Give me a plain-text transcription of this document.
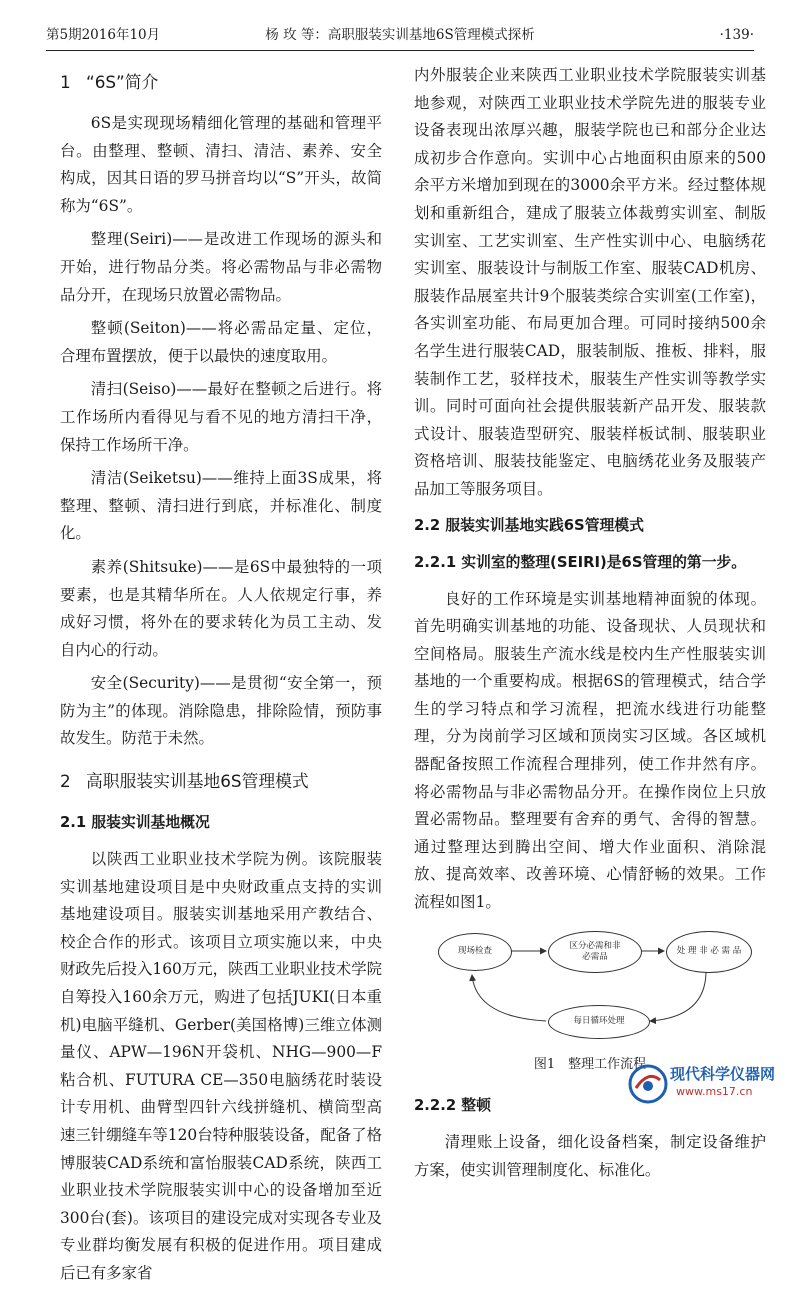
第5期2016年10月	杨 玫 等：高职服装实训基地6S管理模式探析	·139·
1 “6S”简介

6S是实现现场精细化管理的基础和管理平台。由整理、整顿、清扫、清洁、素养、安全构成，因其日语的罗马拼音均以“S”开头，故简称为“6S”。

整理(Seiri)——是改进工作现场的源头和开始，进行物品分类。将必需物品与非必需物品分开，在现场只放置必需物品。

整顿(Seiton)——将必需品定量、定位，合理布置摆放，便于以最快的速度取用。

清扫(Seiso)——最好在整顿之后进行。将工作场所内看得见与看不见的地方清扫干净，保持工作场所干净。

清洁(Seiketsu)——维持上面3S成果，将整理、整顿、清扫进行到底，并标准化、制度化。

素养(Shitsuke)——是6S中最独特的一项要素，也是其精华所在。人人依规定行事，养成好习惯，将外在的要求转化为员工主动、发自内心的行动。

安全(Security)——是贯彻“安全第一，预防为主”的体现。消除隐患，排除险情，预防事故发生。防范于未然。

2 高职服装实训基地6S管理模式
2.1 服装实训基地概况

以陕西工业职业技术学院为例。该院服装实训基地建设项目是中央财政重点支持的实训基地建设项目。服装实训基地采用产教结合、校企合作的形式。该项目立项实施以来，中央财政先后投入160万元，陕西工业职业技术学院自筹投入160余万元，购进了包括JUKI(日本重机)电脑平缝机、Gerber(美国格博)三维立体测量仪、APW—196N开袋机、NHG—900—F粘合机、FUTURA CE—350电脑绣花时装设计专用机、曲臂型四针六线拼缝机、横筒型高速三针绷缝车等120台特种服装设备，配备了格博服装CAD系统和富怡服装CAD系统，陕西工业职业技术学院服装实训中心的设备增加至近300台(套)。该项目的建设完成对实现各专业及专业群均衡发展有积极的促进作用。项目建成后已有多家省

内外服装企业来陕西工业职业技术学院服装实训基地参观，对陕西工业职业技术学院先进的服装专业设备表现出浓厚兴趣，服装学院也已和部分企业达成初步合作意向。实训中心占地面积由原来的500余平方米增加到现在的3000余平方米。经过整体规划和重新组合，建成了服装立体裁剪实训室、制版实训室、工艺实训室、生产性实训中心、电脑绣花实训室、服装设计与制版工作室、服装CAD机房、服装作品展室共计9个服装类综合实训室(工作室)，各实训室功能、布局更加合理。可同时接纳500余名学生进行服装CAD，服装制版、推板、排料，服装制作工艺，驳样技术，服装生产性实训等教学实训。同时可面向社会提供服装新产品开发、服装款式设计、服装造型研究、服装样板试制、服装职业资格培训、服装技能鉴定、电脑绣花业务及服装产品加工等服务项目。

2.2 服装实训基地实践6S管理模式
2.2.1 实训室的整理(SEIRI)是6S管理的第一步。

良好的工作环境是实训基地精神面貌的体现。首先明确实训基地的功能、设备现状、人员现状和空间格局。服装生产流水线是校内生产性服装实训基地的一个重要构成。根据6S的管理模式，结合学生的学习特点和学习流程，把流水线进行功能整理，分为岗前学习区域和顶岗实习区域。各区域机器配备按照工作流程合理排列，使工作井然有序。将必需物品与非必需物品分开。在操作岗位上只放置必需物品。整理要有舍弃的勇气、舍得的智慧。通过整理达到腾出空间、增大作业面积、消除混放、提高效率、改善环境、心情舒畅的效果。工作流程如图1。

现场检查
区分必需和非
必需品
处 理 非 必 需 品
每日循环处理
图1　整理工作流程
2.2.2 整顿

清理账上设备，细化设备档案，制定设备维护方案，使实训管理制度化、标准化。

现代科学仪器网
www.ms17.cn
